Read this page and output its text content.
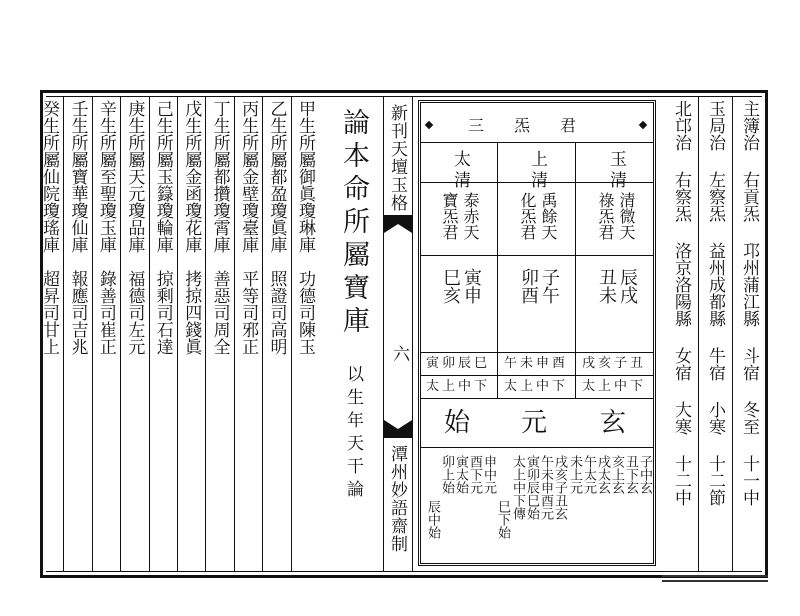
主簿治 右貢炁 邛州蒲江縣 斗宿 冬至 十一中
玉局治 左察炁 益州成都縣 牛宿 小寒 十二節
北邙治 右察炁 洛京洛陽縣 女宿 大寒 十二中
三炁君
玉清
上清
太清
清微天
祿炁君
禹餘天
化炁君
泰赤天
寶炁君
辰戌
丑未
子午
卯酉
寅申
巳亥
戌亥子丑
午未申酉
寅卯辰巳
太上中下
太上中下
太上中下
玄
元
始
子中玄
丑下玄
亥上玄
戌太玄
午太元
未上元
戌亥子丑玄
午未申酉元
寅卯辰巳始
太上中下傳
申中元
酉下元
寅太始
卯上始
辰中始	巳下始
新刊天壇玉格
六
潭州妙語齋制
論本命所屬寶庫
以生年天干論
甲生所屬御眞瓊琳庫　功德司陳玉
乙生所屬都盈瓊眞庫　照證司高明
丙生所屬金壁瓊臺庫　平等司邪正
丁生所屬都攢瓊霄庫　善惡司周全
戊生所屬金函瓊花庫　拷掠四錢眞
己生所屬玉籙瓊輪庫　掠剩司石達
庚生所屬天元瓊品庫　福德司左元
辛生所屬至聖瓊玉庫　錄善司崔正
壬生所屬寶華瓊仙庫　報應司吉兆
癸生所屬仙院瓊瑤庫　超昇司甘上
